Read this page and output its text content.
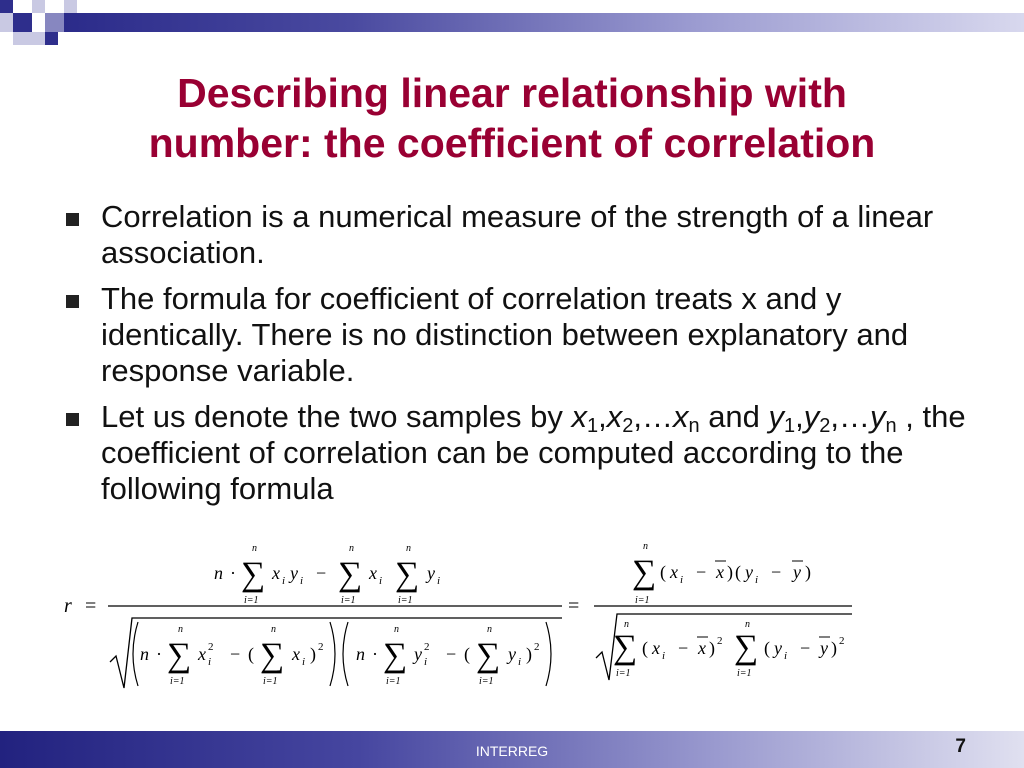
Describing linear relationship with
number: the coefficient of correlation
Correlation is a numerical measure of the strength of a linear association.
The formula for coefficient of correlation treats x and y identically. There is no distinction between explanatory and response variable.
Let us denote the two samples by $x_1,x_2,\dots x_n$ and $y_1,y_2,\dots y_n$ , the coefficient of correlation can be computed according to the following formula
r =
n · ∑
n
i=1
x i y i − ∑
n
i=1
x i ∑
n
i=1
y i
n · ∑
n
i=1
x 2
i − ( ∑
n
i=1
x i ) 2 n · ∑
n
i=1
y 2
i − ( ∑
n
i=1
y i ) 2
=
∑
n
i=1
( x i − x ) ( y i − y )
∑
n
i=1
( x i − x ) 2 ∑
n
i=1
( y i − y ) 2
INTERREG	7
